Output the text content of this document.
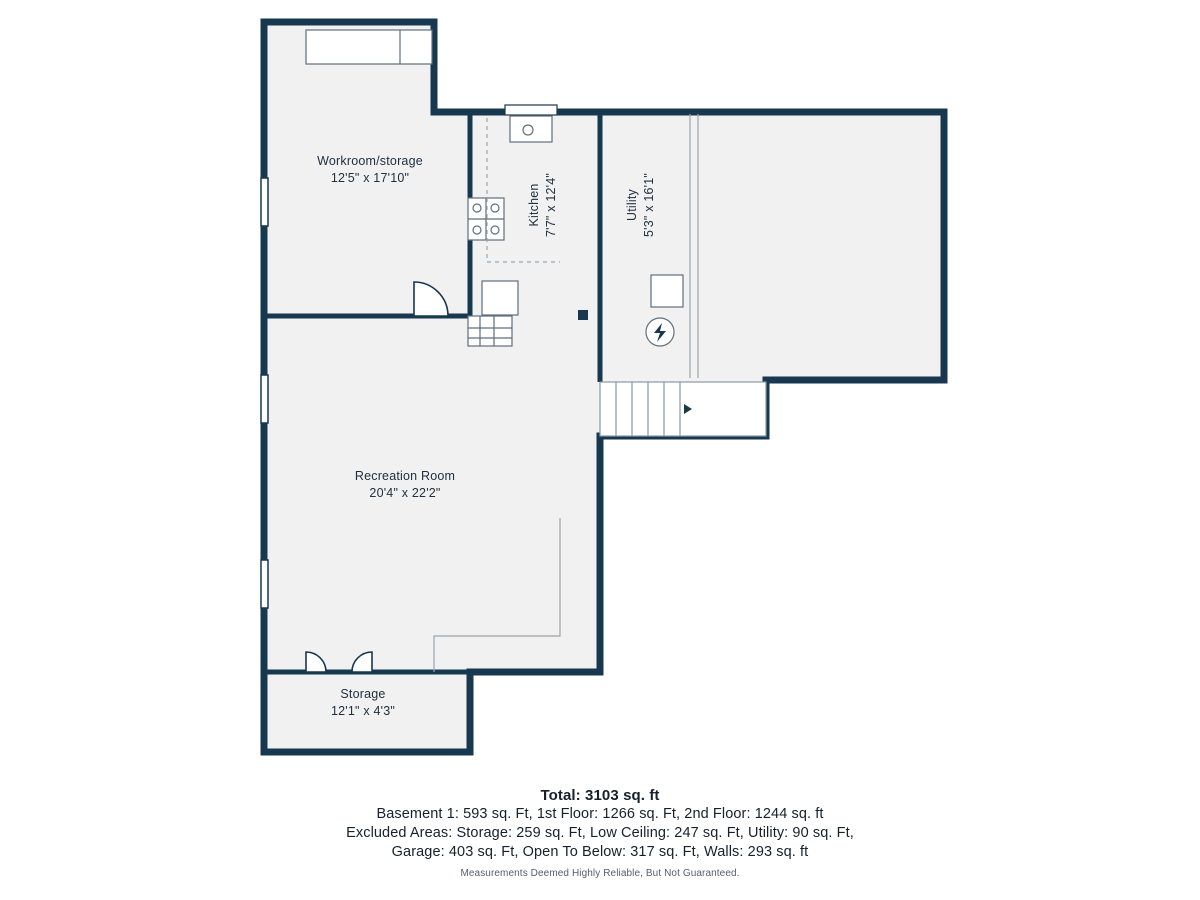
Workroom/storage
12'5" x 17'10"
Kitchen 7'7" x 12'4"	Utility 5'3" x 16'1"
Recreation Room
20'4" x 22'2"
Storage
12'1" x 4'3"
Total: 3103 sq. ft
Basement 1: 593 sq. Ft, 1st Floor: 1266 sq. Ft, 2nd Floor: 1244 sq. ft
Excluded Areas: Storage: 259 sq. Ft, Low Ceiling: 247 sq. Ft, Utility: 90 sq. Ft,
Garage: 403 sq. Ft, Open To Below: 317 sq. Ft, Walls: 293 sq. ft
Measurements Deemed Highly Reliable, But Not Guaranteed.
